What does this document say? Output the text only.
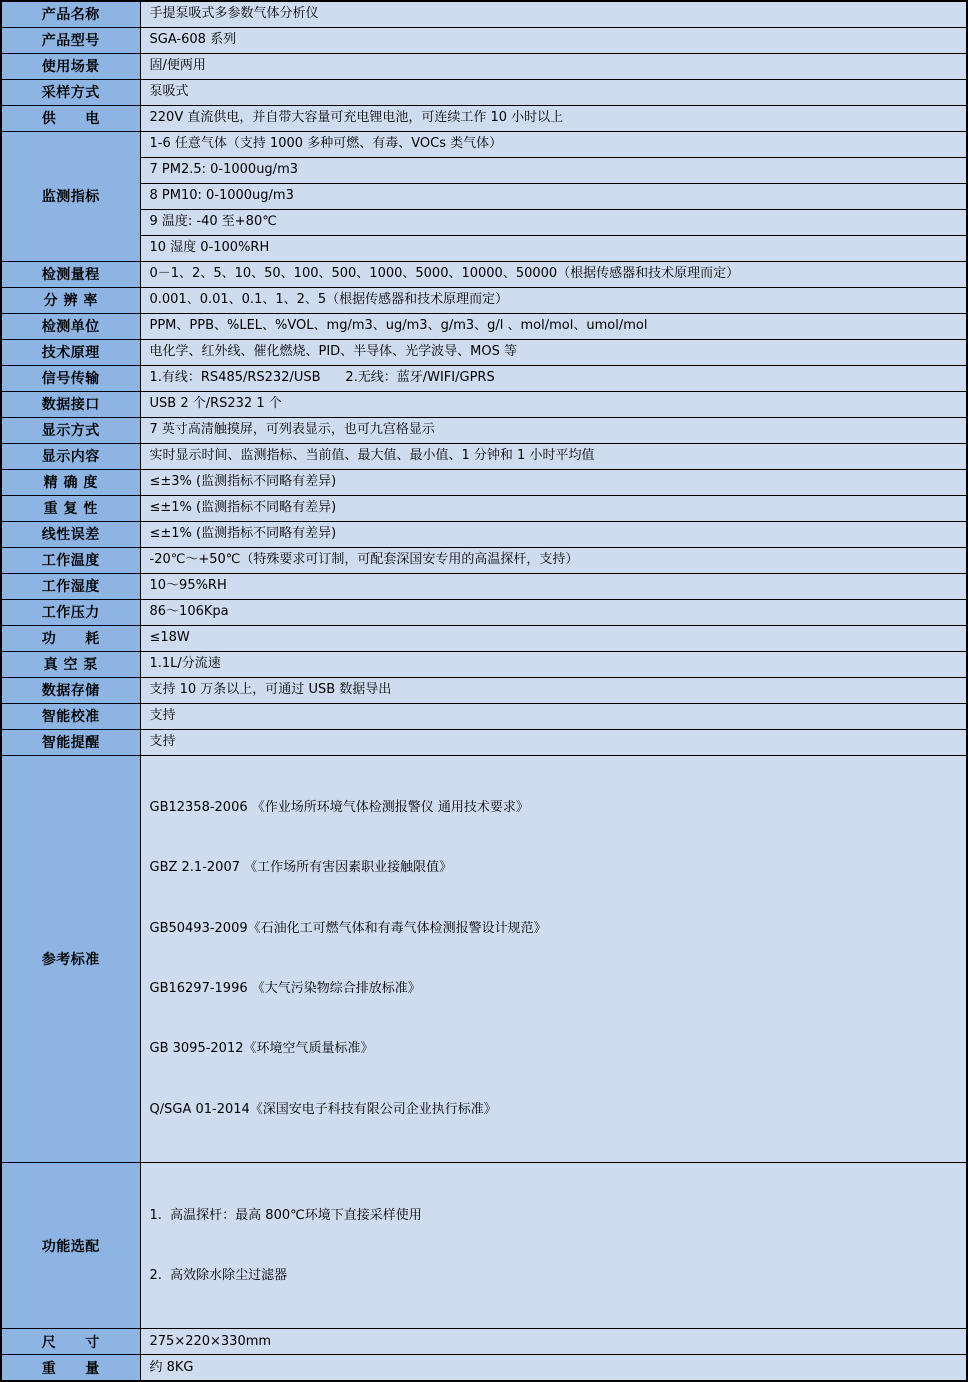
产品名称	手提泵吸式多参数气体分析仪
产品型号	SGA-608 系列
使用场景	固/便两用
采样方式	泵吸式
供　　电	220V 直流供电，并自带大容量可充电锂电池，可连续工作 10 小时以上
监测指标	1-6 任意气体（支持 1000 多种可燃、有毒、VOCs 类气体）
	7 PM2.5: 0-1000ug/m3
	8 PM10: 0-1000ug/m3
	9 温度: -40 至+80℃
	10 湿度 0-100%RH
检测量程	0－1、2、5、10、50、100、500、1000、5000、10000、50000（根据传感器和技术原理而定）
分 辨 率	0.001、0.01、0.1、1、2、5（根据传感器和技术原理而定）
检测单位	PPM、PPB、%LEL、%VOL、mg/m3、ug/m3、g/m3、g/l 、mol/mol、umol/mol
技术原理	电化学、红外线、催化燃烧、PID、半导体、光学波导、MOS 等
信号传输	1.有线：RS485/RS232/USB      2.无线：蓝牙/WIFI/GPRS
数据接口	USB 2 个/RS232 1 个
显示方式	7 英寸高清触摸屏，可列表显示，也可九宫格显示
显示内容	实时显示时间、监测指标、当前值、最大值、最小值、1 分钟和 1 小时平均值
精 确 度	≤±3% (监测指标不同略有差异)
重 复 性	≤±1% (监测指标不同略有差异)
线性误差	≤±1% (监测指标不同略有差异)
工作温度	-20℃～+50℃（特殊要求可订制，可配套深国安专用的高温探杆，支持）
工作湿度	10～95%RH
工作压力	86～106Kpa
功　　耗	≤18W
真 空 泵	1.1L/分流速
数据存储	支持 10 万条以上，可通过 USB 数据导出
智能校准	支持
智能提醒	支持
参考标准	

GB12358-2006 《作业场所环境气体检测报警仪 通用技术要求》

GBZ 2.1-2007 《工作场所有害因素职业接触限值》

GB50493-2009《石油化工可燃气体和有毒气体检测报警设计规范》

GB16297-1996 《大气污染物综合排放标准》

GB 3095-2012《环境空气质量标准》

Q/SGA 01-2014《深国安电子科技有限公司企业执行标准》

功能选配	1.  高温探杆：最高 800℃环境下直接采样使用

2.  高效除水除尘过滤器

尺　　寸	275×220×330mm
重　　量	约 8KG
